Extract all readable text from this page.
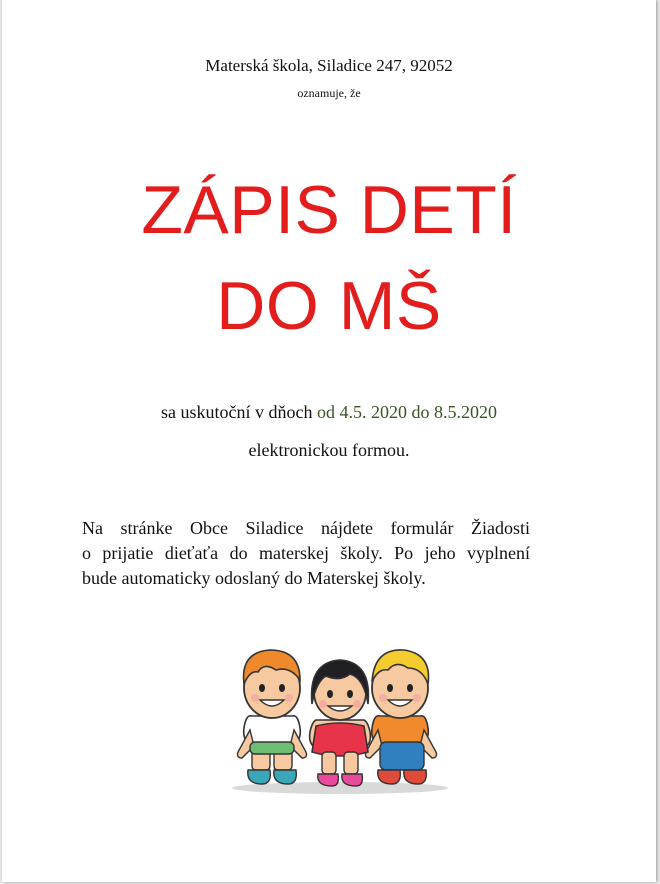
Materská škola, Siladice 247, 92052
oznamuje, že
ZÁPIS DETÍ
DO MŠ
sa uskutoční v dňoch od 4.5. 2020 do 8.5.2020
elektronickou formou.
Na stránke Obce Siladice nájdete formulár Žiadosti
o prijatie dieťaťa do materskej školy. Po jeho vyplnení
bude automaticky odoslaný do Materskej školy.
